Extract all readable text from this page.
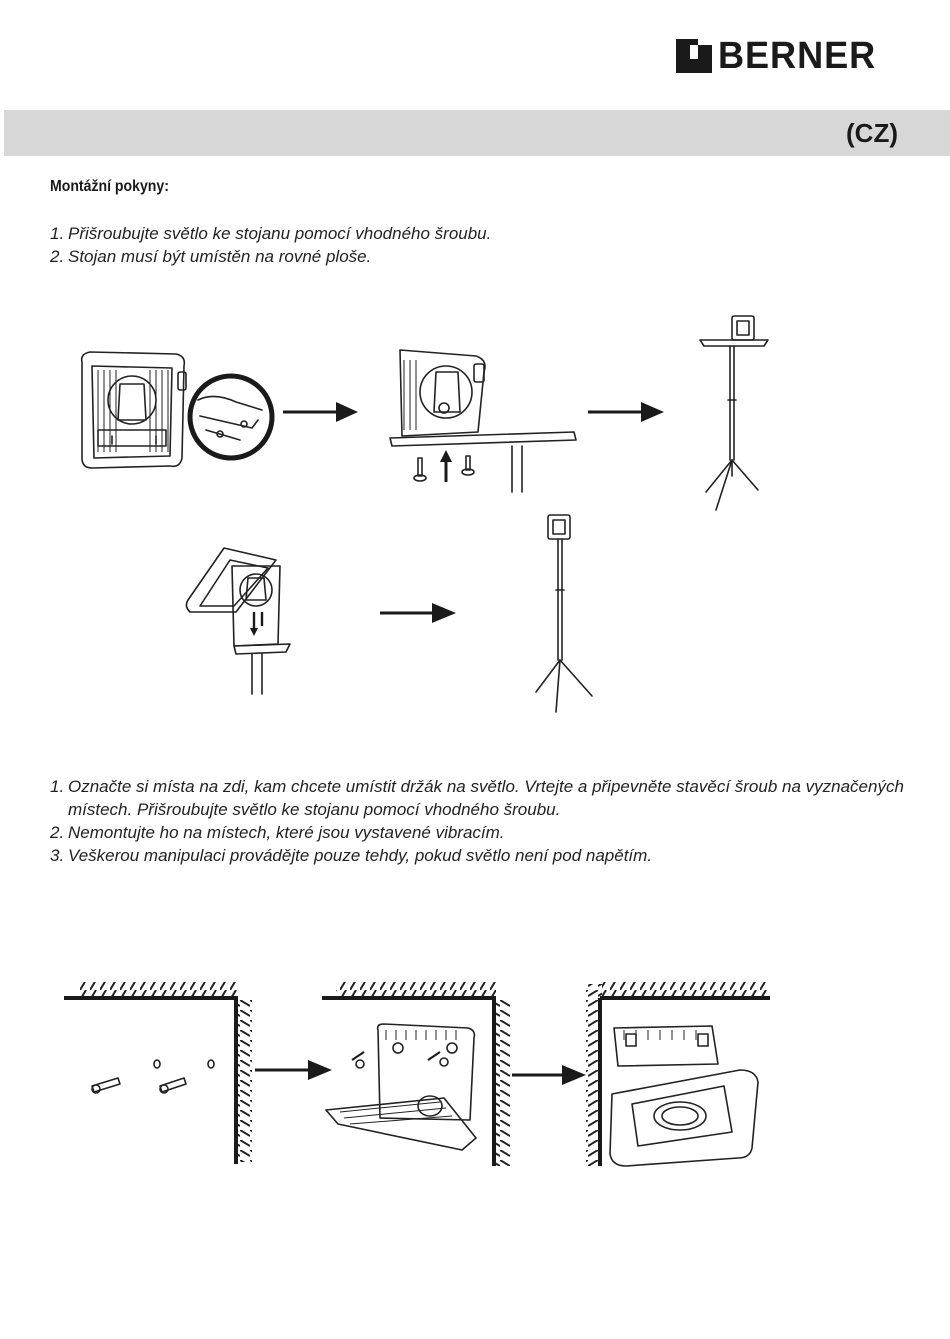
BERNER
(CZ)
Montážní pokyny:
1. Přišroubujte světlo ke stojanu pomocí vhodného šroubu.
2. Stojan musí být umístěn na rovné ploše.
1. Označte si místa na zdi, kam chcete umístit držák na světlo. Vrtejte a připevněte stavěcí šroub na vyznačených místech. Přišroubujte světlo ke stojanu pomocí vhodného šroubu.
2. Nemontujte ho na místech, které jsou vystavené vibracím.
3. Veškerou manipulaci provádějte pouze tehdy, pokud světlo není pod napětím.
